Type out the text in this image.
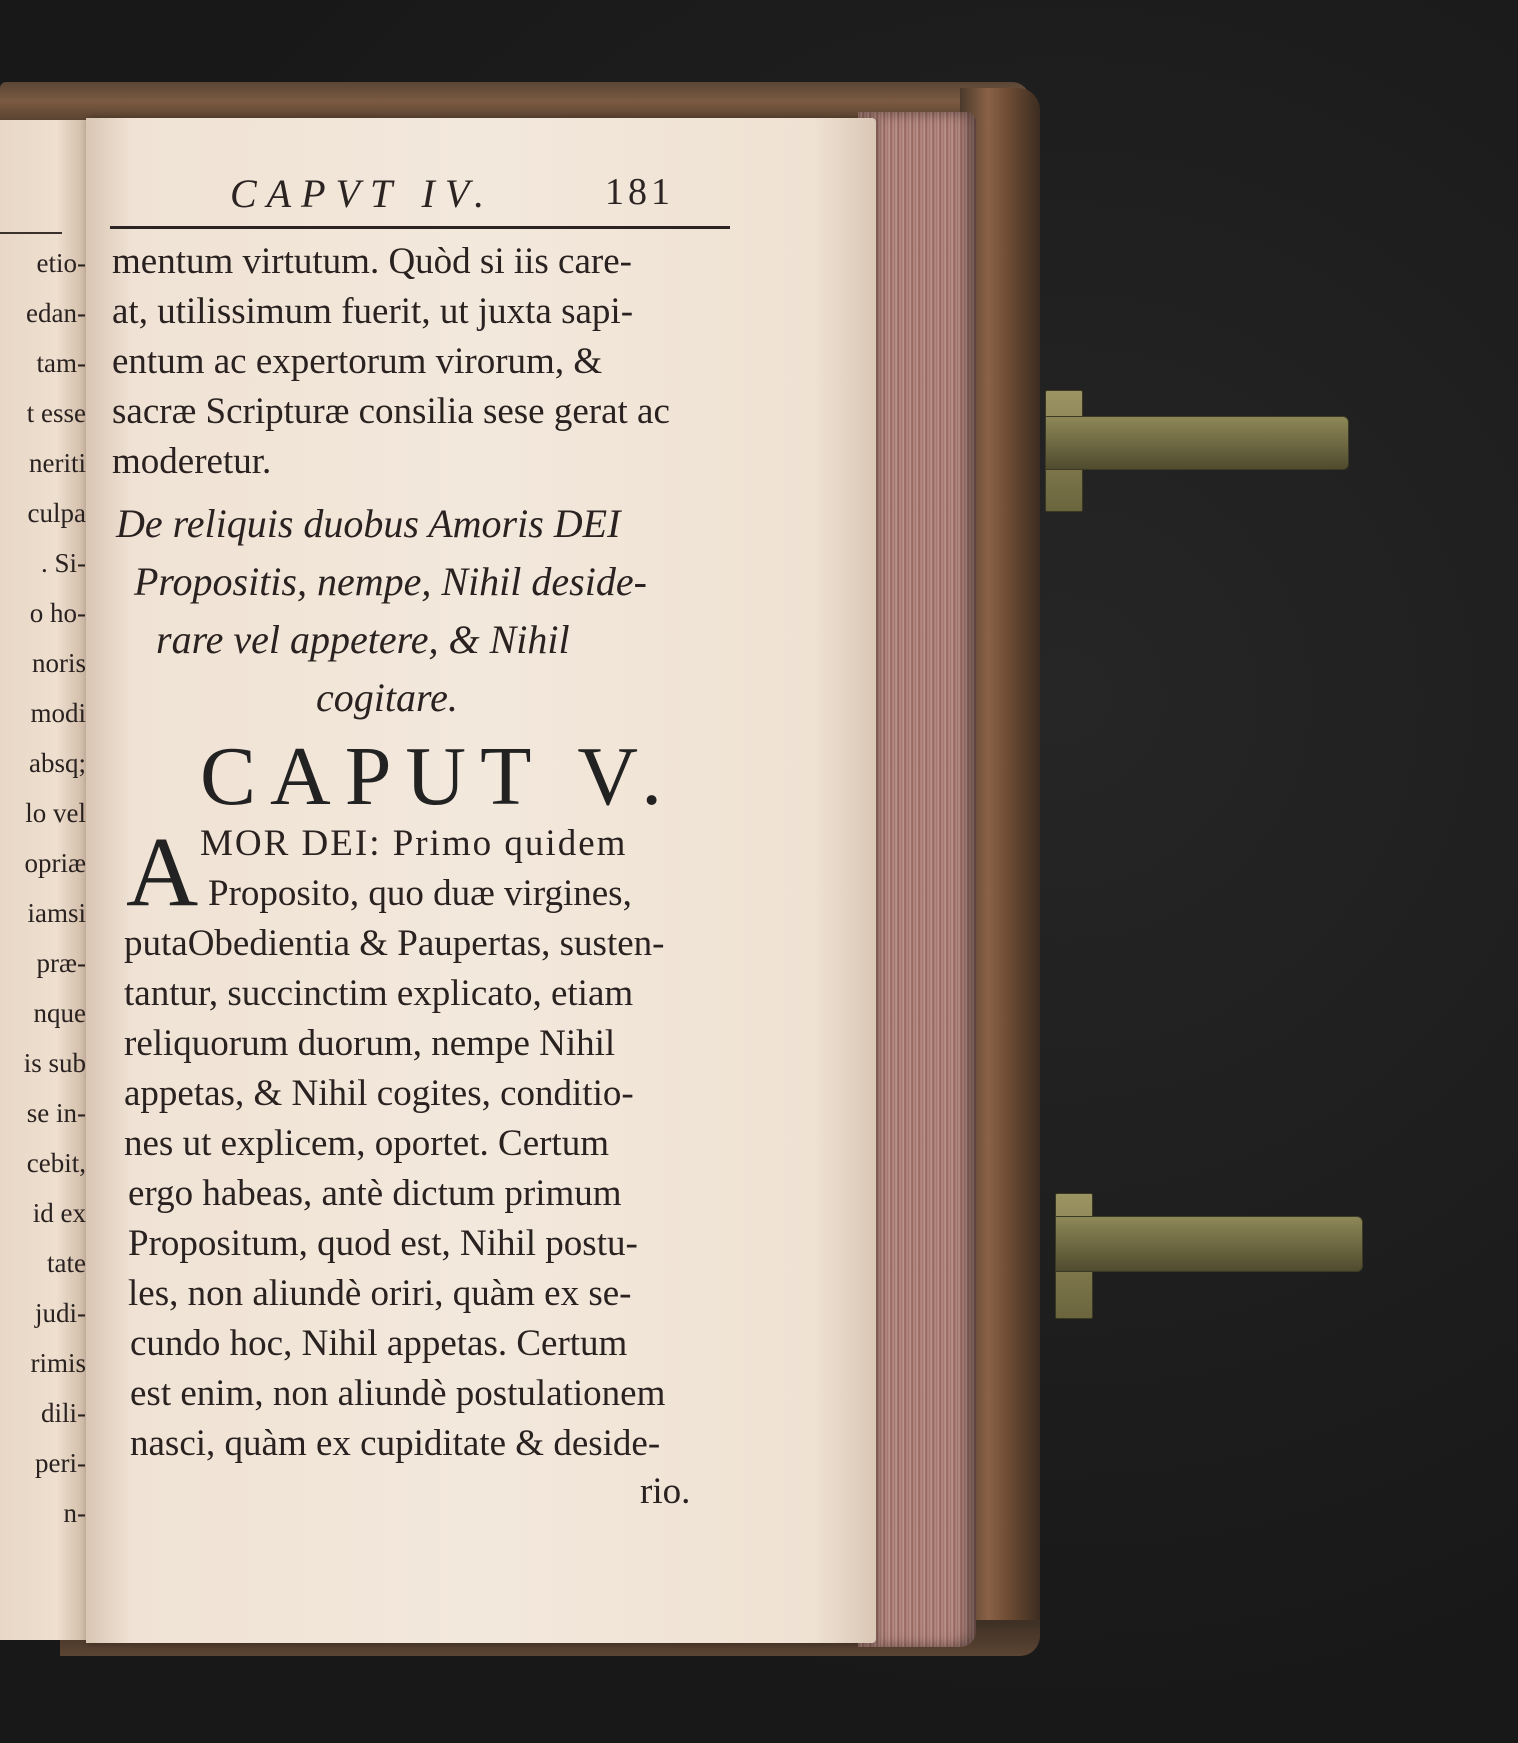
etio-
edan-
tam-
t esse
neriti
culpa
. Si-
o ho-
noris
modi
absq;
lo vel
opriæ
iamsi
præ-
nque
is sub
se in-
cebit,
id ex
tate
judi-
rimis
dili-
peri-
n-
CAPVT IV.	181
mentum virtutum. Quòd si iis care-
at, utilissimum fuerit, ut juxta sapi-
entum ac expertorum virorum, &
sacræ Scripturæ consilia sese gerat ac
moderetur.
De reliquis duobus Amoris DEI
Propositis, nempe, Nihil deside-
rare vel appetere, & Nihil
cogitare.
CAPUT V.
A MOR DEI: Primo quidem
Proposito, quo duæ virgines,
putaObedientia & Paupertas, susten-
tantur, succinctim explicato, etiam
reliquorum duorum, nempe Nihil
appetas, & Nihil cogites, conditio-
nes ut explicem, oportet. Certum
ergo habeas, antè dictum primum
Propositum, quod est, Nihil postu-
les, non aliundè oriri, quàm ex se-
cundo hoc, Nihil appetas. Certum
est enim, non aliundè postulationem
nasci, quàm ex cupiditate & deside-
rio.
